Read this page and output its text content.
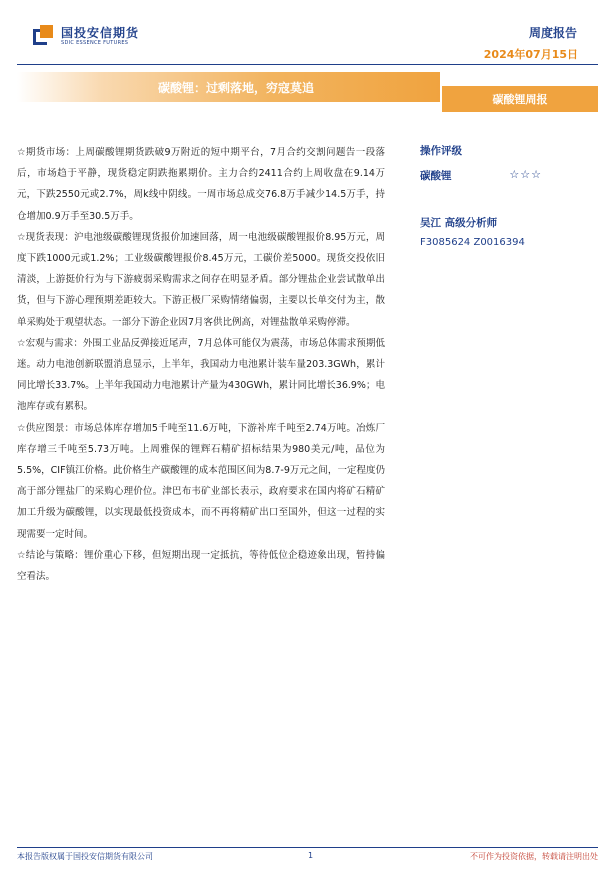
国投安信期货
SDIC ESSENCE FUTURES
周度报告
2024年07月15日
碳酸锂：过剩落地，穷寇莫追
碳酸锂周报

☆期货市场：上周碳酸锂期货跌破9万附近的短中期平台，7月合约交割问题告一段落后，市场趋于平静，现货稳定阴跌拖累期价。主力合约2411合约上周收盘在9.14万元，下跌2550元或2.7%，周k线中阴线。一周市场总成交76.8万手减少14.5万手，持仓增加0.9万手至30.5万手。

☆现货表现：沪电池级碳酸锂现货报价加速回落，周一电池级碳酸锂报价8.95万元，周度下跌1000元或1.2%；工业级碳酸锂报价8.45万元，工碳价差5000。现货交投依旧清淡，上游挺价行为与下游疲弱采购需求之间存在明显矛盾。部分锂盐企业尝试散单出货，但与下游心理预期差距较大。下游正极厂采购情绪偏弱，主要以长单交付为主，散单采购处于观望状态。一部分下游企业因7月客供比例高，对锂盐散单采购停滞。

☆宏观与需求：外围工业品反弹接近尾声，7月总体可能仅为震荡，市场总体需求预期低迷。动力电池创新联盟消息显示，上半年，我国动力电池累计装车量203.3GWh，累计同比增长33.7%。上半年我国动力电池累计产量为430GWh，累计同比增长36.9%；电池库存或有累积。

☆供应图景：市场总体库存增加5千吨至11.6万吨，下游补库千吨至2.74万吨。冶炼厂库存增三千吨至5.73万吨。上周雅保的锂辉石精矿招标结果为980美元/吨，品位为5.5%，CIF镇江价格。此价格生产碳酸锂的成本范围区间为8.7-9万元之间，一定程度仍高于部分锂盐厂的采购心理价位。津巴布韦矿业部长表示，政府要求在国内将矿石精矿加工升级为碳酸锂，以实现最低投资成本，而不再将精矿出口至国外，但这一过程的实现需要一定时间。

☆结论与策略：锂价重心下移，但短期出现一定抵抗，等待低位企稳迹象出现，暂持偏空看法。

操作评级
碳酸锂	☆☆☆
吴江 高级分析师
F3085624 Z0016394
本报告版权属于国投安信期货有限公司	1	不可作为投资依据，转载请注明出处
